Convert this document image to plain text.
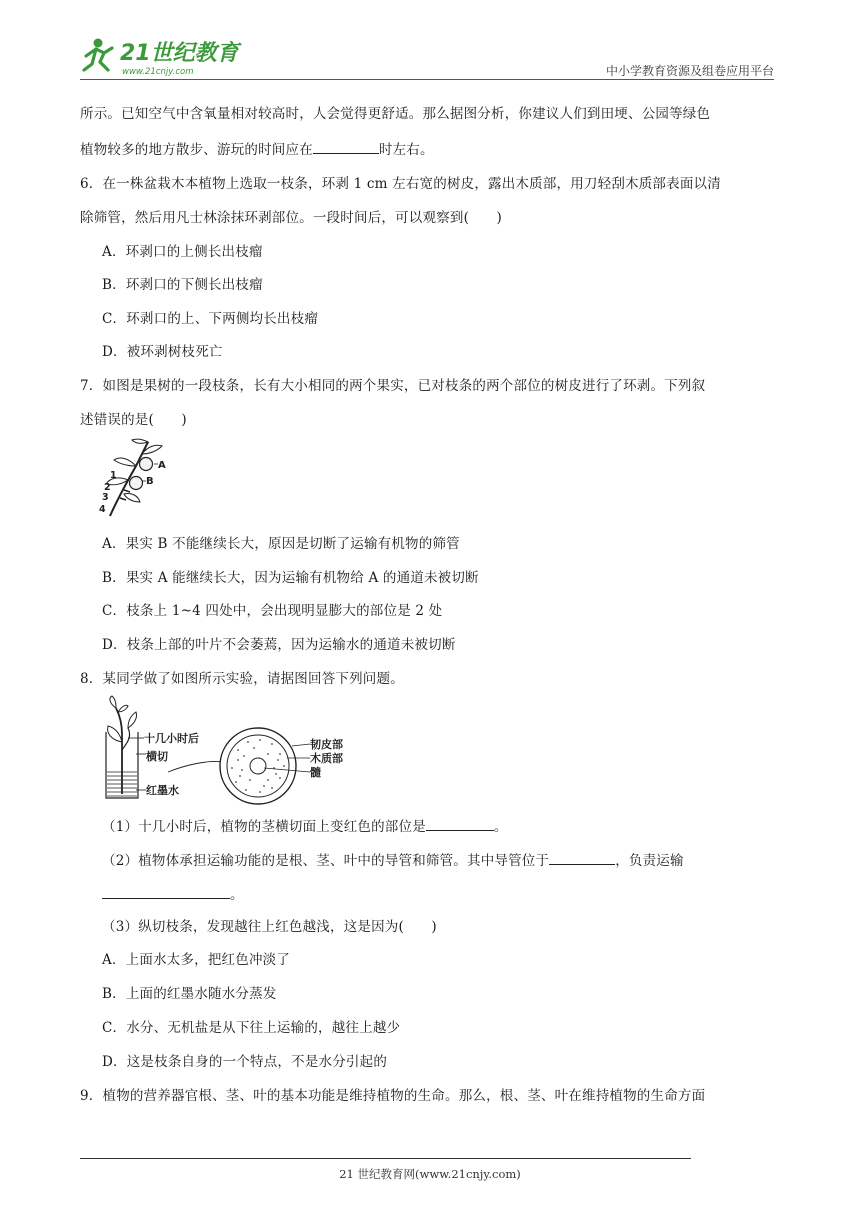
21世纪教育
www.21cnjy.com	中小学教育资源及组卷应用平台
所示。已知空气中含氧量相对较高时，人会觉得更舒适。那么据图分析，你建议人们到田埂、公园等绿色
植物较多的地方散步、游玩的时间应在	时左右。
6．在一株盆栽木本植物上选取一枝条，环剥 1 cm 左右宽的树皮，露出木质部，用刀轻刮木质部表面以清
除筛管，然后用凡士林涂抹环剥部位。一段时间后，可以观察到(　　)
A．环剥口的上侧长出枝瘤
B．环剥口的下侧长出枝瘤
C．环剥口的上、下两侧均长出枝瘤
D．被环剥树枝死亡
7．如图是果树的一段枝条，长有大小相同的两个果实，已对枝条的两个部位的树皮进行了环剥。下列叙
述错误的是(　　)
A
B
1
2
3
4
A．果实 B 不能继续长大，原因是切断了运输有机物的筛管
B．果实 A 能继续长大，因为运输有机物给 A 的通道未被切断
C．枝条上 1~4 四处中，会出现明显膨大的部位是 2 处
D．枝条上部的叶片不会萎蔫，因为运输水的通道未被切断
8．某同学做了如图所示实验，请据图回答下列问题。
十几小时后
横切
红墨水
韧皮部
木质部
髓
（1）十几小时后，植物的茎横切面上变红色的部位是	。
（2）植物体承担运输功能的是根、茎、叶中的导管和筛管。其中导管位于	，负责运输
。
（3）纵切枝条，发现越往上红色越浅，这是因为(　　)
A．上面水太多，把红色冲淡了
B．上面的红墨水随水分蒸发
C．水分、无机盐是从下往上运输的，越往上越少
D．这是枝条自身的一个特点，不是水分引起的
9．植物的营养器官根、茎、叶的基本功能是维持植物的生命。那么，根、茎、叶在维持植物的生命方面
21 世纪教育网(www.21cnjy.com)
